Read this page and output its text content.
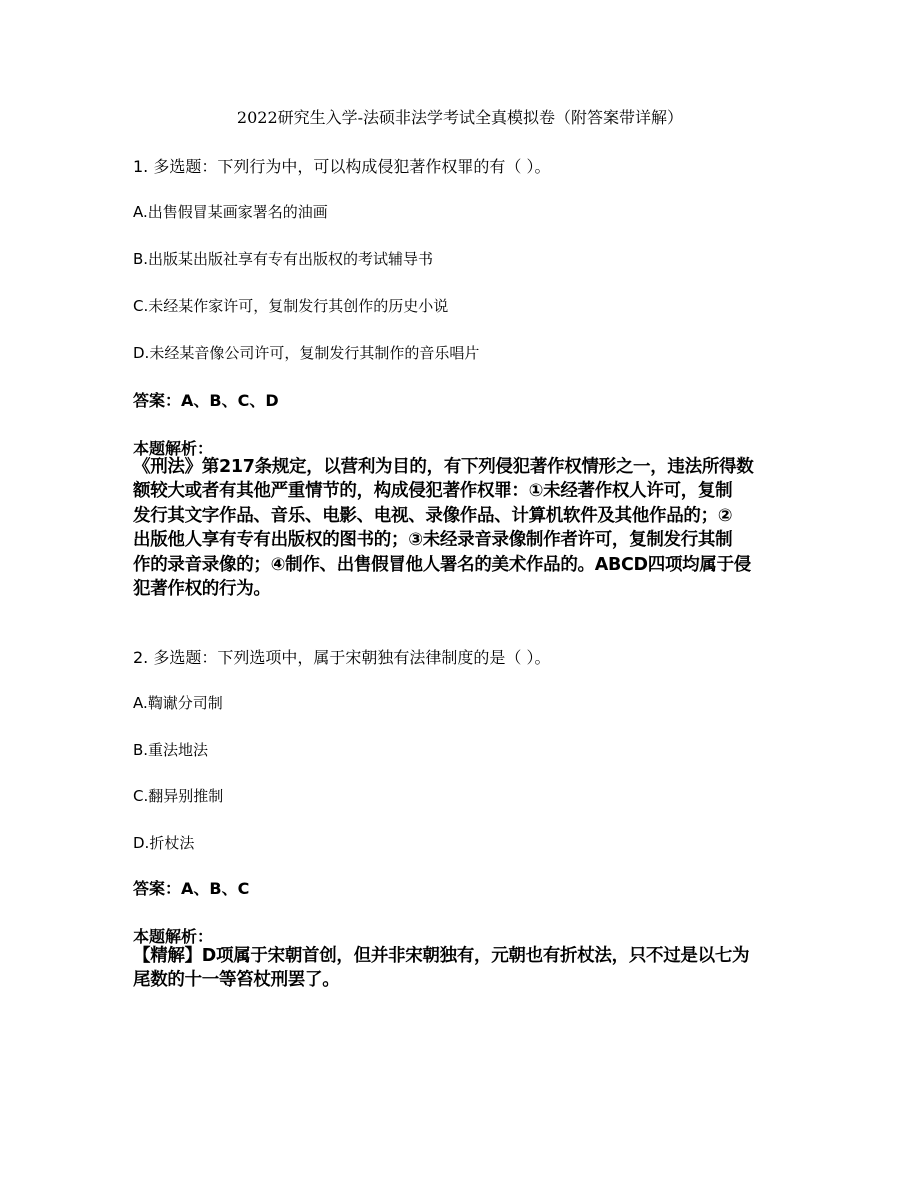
2022研究生入学-法硕非法学考试全真模拟卷（附答案带详解）
1. 多选题：下列行为中，可以构成侵犯著作权罪的有（ ）。
A.出售假冒某画家署名的油画
B.出版某出版社享有专有出版权的考试辅导书
C.未经某作家许可，复制发行其创作的历史小说
D.未经某音像公司许可，复制发行其制作的音乐唱片
答案：A、B、C、D
本题解析：
《刑法》第217条规定，以营利为目的，有下列侵犯著作权情形之一，违法所得数
额较大或者有其他严重情节的，构成侵犯著作权罪：①未经著作权人许可，复制
发行其文字作品、音乐、电影、电视、录像作品、计算机软件及其他作品的；②
出版他人享有专有出版权的图书的；③未经录音录像制作者许可，复制发行其制
作的录音录像的；④制作、出售假冒他人署名的美术作品的。ABCD四项均属于侵
犯著作权的行为。
2. 多选题：下列选项中，属于宋朝独有法律制度的是（ ）。
A.鞫谳分司制
B.重法地法
C.翻异别推制
D.折杖法
答案：A、B、C
本题解析：
【精解】D项属于宋朝首创，但并非宋朝独有，元朝也有折杖法，只不过是以七为
尾数的十一等笞杖刑罢了。
